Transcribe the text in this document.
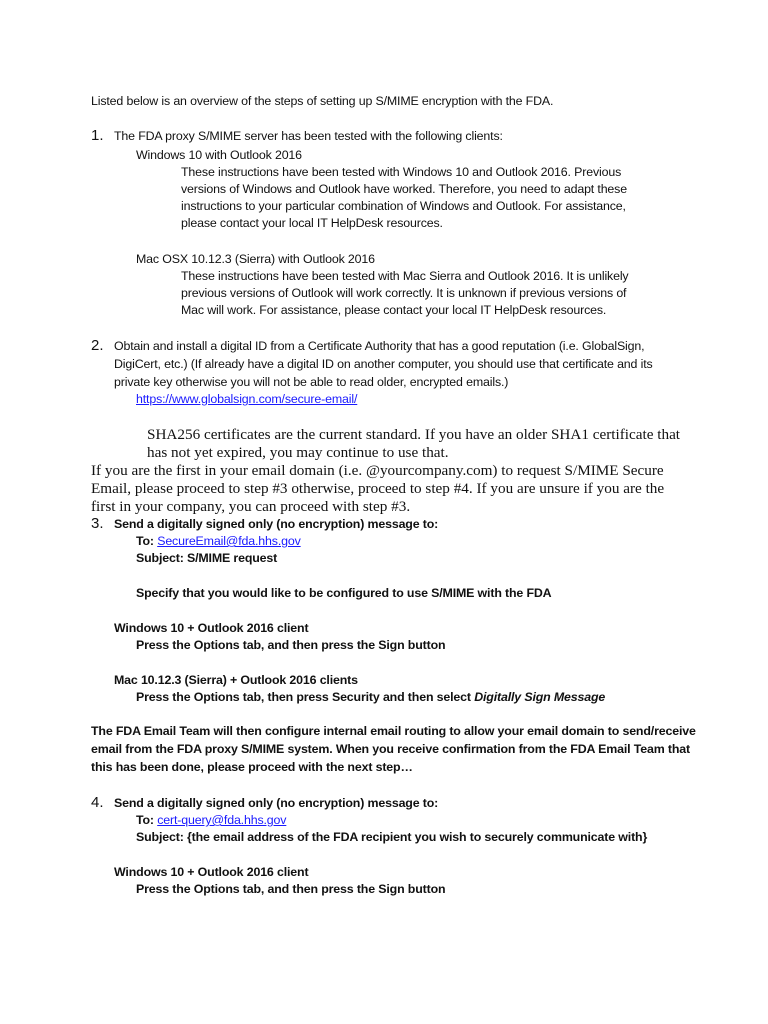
Listed below is an overview of the steps of setting up S/MIME encryption with the FDA.
1. The FDA proxy S/MIME server has been tested with the following clients:
Windows 10 with Outlook 2016
These instructions have been tested with Windows 10 and Outlook 2016. Previous
versions of Windows and Outlook have worked. Therefore, you need to adapt these
instructions to your particular combination of Windows and Outlook. For assistance,
please contact your local IT HelpDesk resources.
Mac OSX 10.12.3 (Sierra) with Outlook 2016
These instructions have been tested with Mac Sierra and Outlook 2016. It is unlikely
previous versions of Outlook will work correctly. It is unknown if previous versions of
Mac will work. For assistance, please contact your local IT HelpDesk resources.
2. Obtain and install a digital ID from a Certificate Authority that has a good reputation (i.e. GlobalSign,
DigiCert, etc.) (If already have a digital ID on another computer, you should use that certificate and its
private key otherwise you will not be able to read older, encrypted emails.)
https://www.globalsign.com/secure-email/
SHA256 certificates are the current standard. If you have an older SHA1 certificate that
has not yet expired, you may continue to use that.
If you are the first in your email domain (i.e. @yourcompany.com) to request S/MIME Secure
Email, please proceed to step #3 otherwise, proceed to step #4. If you are unsure if you are the
first in your company, you can proceed with step #3.
3. Send a digitally signed only (no encryption) message to:
To: SecureEmail@fda.hhs.gov
Subject: S/MIME request
Specify that you would like to be configured to use S/MIME with the FDA
Windows 10 + Outlook 2016 client
Press the Options tab, and then press the Sign button
Mac 10.12.3 (Sierra) + Outlook 2016 clients
Press the Options tab, then press Security and then select Digitally Sign Message
The FDA Email Team will then configure internal email routing to allow your email domain to send/receive
email from the FDA proxy S/MIME system. When you receive confirmation from the FDA Email Team that
this has been done, please proceed with the next step…
4. Send a digitally signed only (no encryption) message to:
To: cert-query@fda.hhs.gov
Subject: {the email address of the FDA recipient you wish to securely communicate with}
Windows 10 + Outlook 2016 client
Press the Options tab, and then press the Sign button
